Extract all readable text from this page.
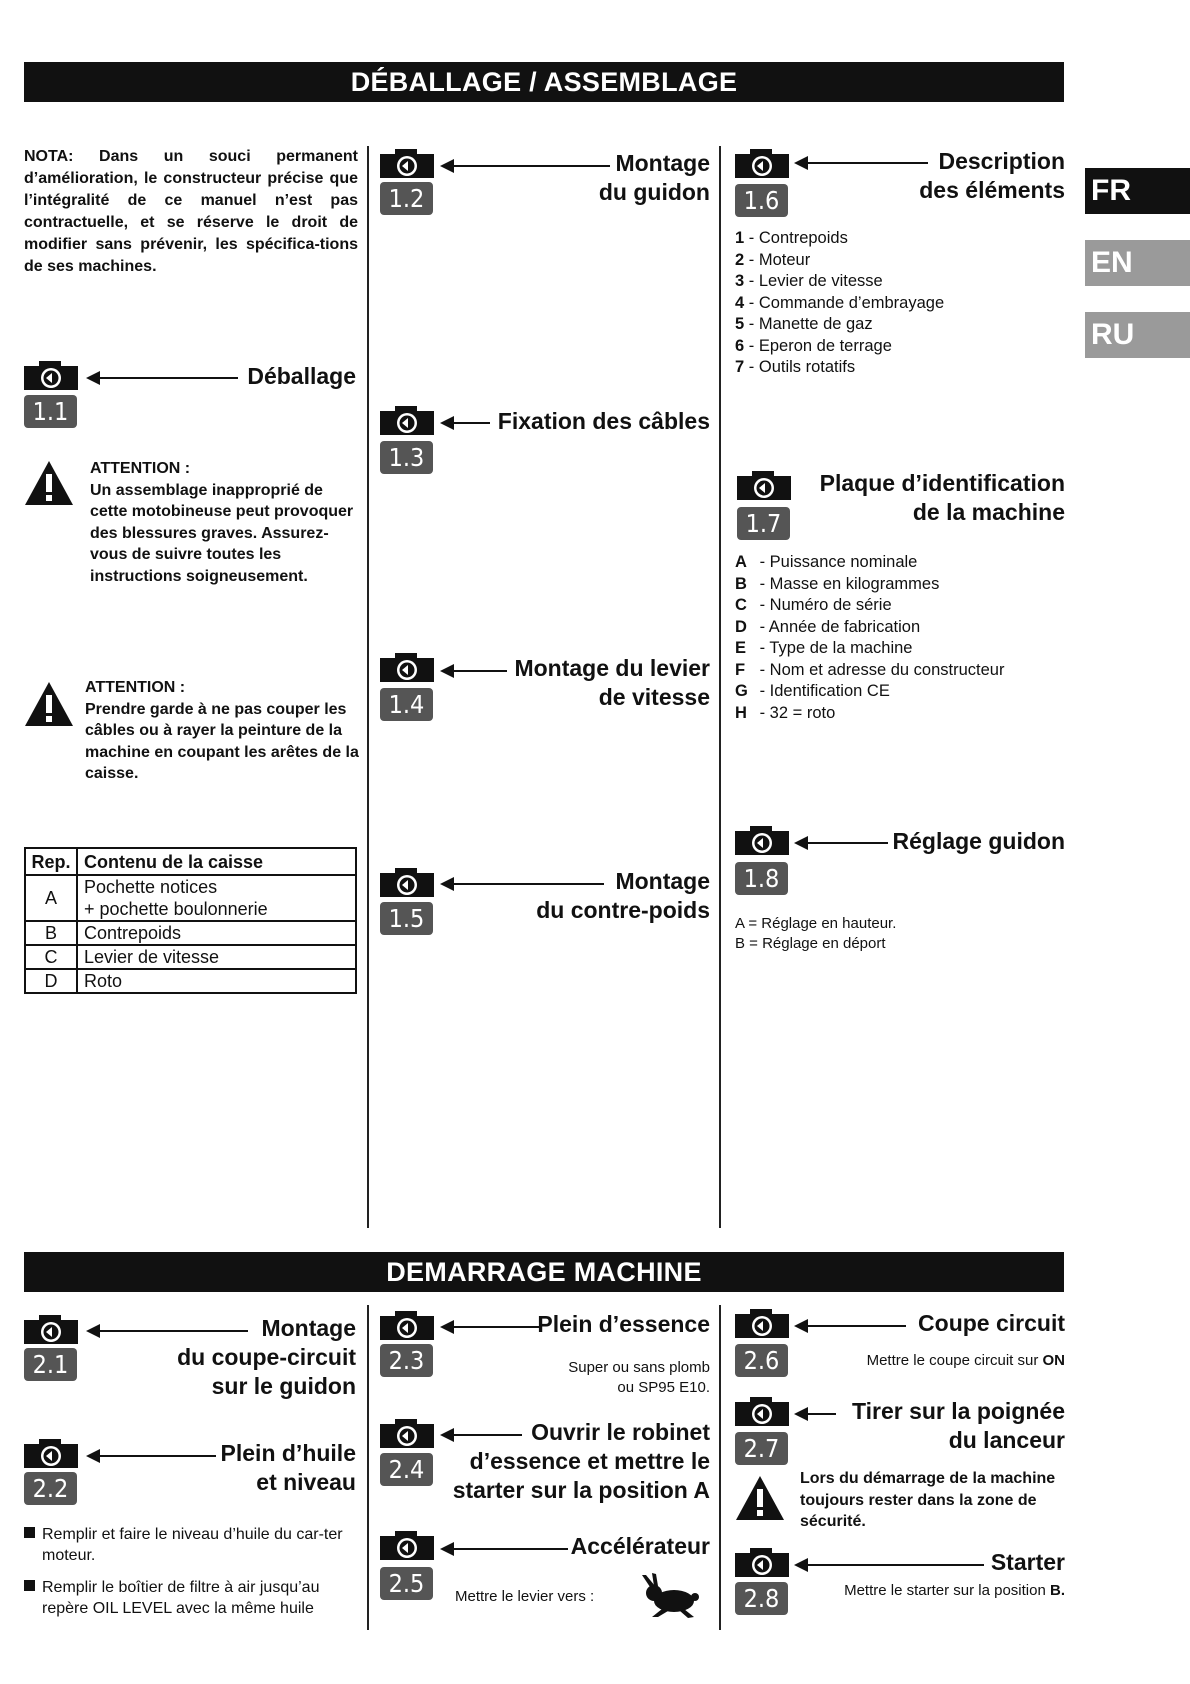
DÉBALLAGE / ASSEMBLAGE
DEMARRAGE MACHINE
FR
EN
RU
NOTA: Dans un souci permanent d’amélioration, le constructeur précise que l’intégralité de ce manuel n’est pas contractuelle, et se réserve le droit de modifier sans prévenir, les spécifica-tions de ses machines.
1.1
Déballage
ATTENTION :
Un assemblage inapproprié de cette motobineuse peut provoquer des blessures graves. Assurez-vous de suivre toutes les instructions soigneusement.
ATTENTION :
Prendre garde à ne pas couper les câbles ou à rayer la peinture de la machine en coupant les arêtes de la caisse.
Rep.	Contenu de la caisse
A	Pochette notices
+ pochette boulonnerie

B	Contrepoids
C	Levier de vitesse
D	Roto
1.2
Montage
du guidon
1.3
Fixation des câbles
1.4
Montage du levier
de vitesse
1.5
Montage
du contre-poids
1.6
Description
des éléments
1 - Contrepoids
2 - Moteur
3 - Levier de vitesse
4 - Commande d’embrayage
5 - Manette de gaz
6 - Eperon de terrage
7 - Outils rotatifs
1.7
Plaque d’identification
de la machine
A - Puissance nominale
B - Masse en kilogrammes
C - Numéro de série
D - Année de fabrication
E - Type de la machine
F - Nom et adresse du constructeur
G - Identification CE
H - 32 = roto
1.8
Réglage guidon
A = Réglage en hauteur.
B = Réglage en déport
2.1
Montage
du coupe-circuit
sur le guidon
2.2
Plein d’huile
et niveau
Remplir et faire le niveau d’huile du car-ter moteur.
Remplir le boîtier de filtre à air jusqu’au repère OIL LEVEL avec la même huile
2.3
Plein d’essence
Super ou sans plomb
ou SP95 E10.
2.4
Ouvrir le robinet
d’essence et mettre le
starter sur la position A
2.5
Accélérateur
Mettre le levier vers :
2.6
Coupe circuit
Mettre le coupe circuit sur ON
2.7
Tirer sur la poignée
du lanceur
Lors du démarrage de la machine toujours rester dans la zone de sécurité.
2.8
Starter
Mettre le starter sur la position B.
